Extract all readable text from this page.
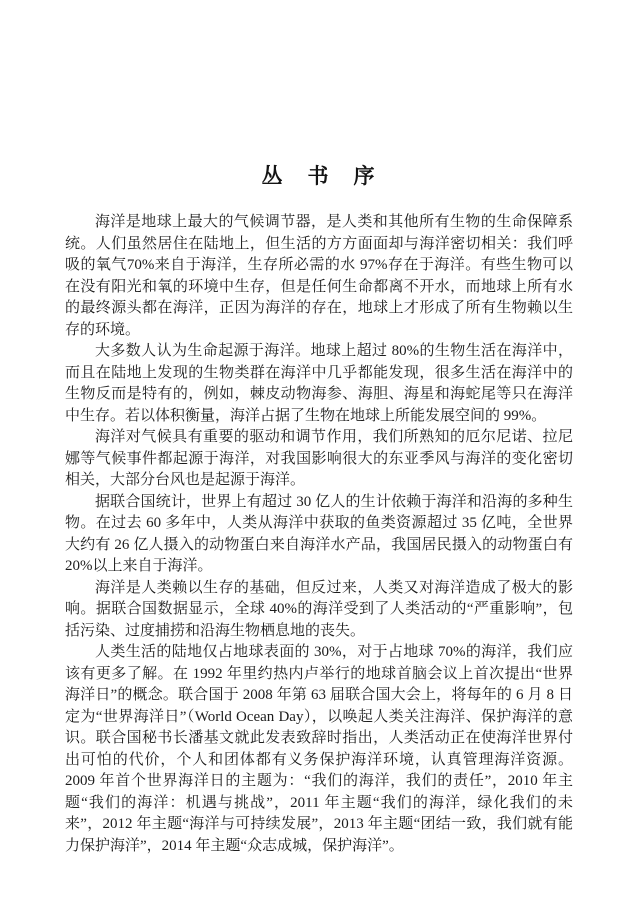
丛　书　序

海洋是地球上最大的气候调节器，是人类和其他所有生物的生命保障系统。人们虽然居住在陆地上，但生活的方方面面却与海洋密切相关：我们呼吸的氧气70%来自于海洋，生存所必需的水 97%存在于海洋。有些生物可以在没有阳光和氧的环境中生存，但是任何生命都离不开水，而地球上所有水的最终源头都在海洋，正因为海洋的存在，地球上才形成了所有生物赖以生存的环境。

大多数人认为生命起源于海洋。地球上超过 80%的生物生活在海洋中，而且在陆地上发现的生物类群在海洋中几乎都能发现，很多生活在海洋中的生物反而是特有的，例如，棘皮动物海参、海胆、海星和海蛇尾等只在海洋中生存。若以体积衡量，海洋占据了生物在地球上所能发展空间的 99%。

海洋对气候具有重要的驱动和调节作用，我们所熟知的厄尔尼诺、拉尼娜等气候事件都起源于海洋，对我国影响很大的东亚季风与海洋的变化密切相关，大部分台风也是起源于海洋。

据联合国统计，世界上有超过 30 亿人的生计依赖于海洋和沿海的多种生物。在过去 60 多年中，人类从海洋中获取的鱼类资源超过 35 亿吨，全世界大约有 26 亿人摄入的动物蛋白来自海洋水产品，我国居民摄入的动物蛋白有 20%以上来自于海洋。

海洋是人类赖以生存的基础，但反过来，人类又对海洋造成了极大的影响。据联合国数据显示，全球 40%的海洋受到了人类活动的“严重影响”，包括污染、过度捕捞和沿海生物栖息地的丧失。

人类生活的陆地仅占地球表面的 30%，对于占地球 70%的海洋，我们应该有更多了解。在 1992 年里约热内卢举行的地球首脑会议上首次提出“世界海洋日”的概念。联合国于 2008 年第 63 届联合国大会上，将每年的 6 月 8 日定为“世界海洋日”（World Ocean Day），以唤起人类关注海洋、保护海洋的意识。联合国秘书长潘基文就此发表致辞时指出，人类活动正在使海洋世界付出可怕的代价，个人和团体都有义务保护海洋环境，认真管理海洋资源。2009 年首个世界海洋日的主题为：“我们的海洋，我们的责任”，2010 年主题“我们的海洋：机遇与挑战”，2011 年主题“我们的海洋，绿化我们的未来”，2012 年主题“海洋与可持续发展”，2013 年主题“团结一致，我们就有能力保护海洋”，2014 年主题“众志成城，保护海洋”。
